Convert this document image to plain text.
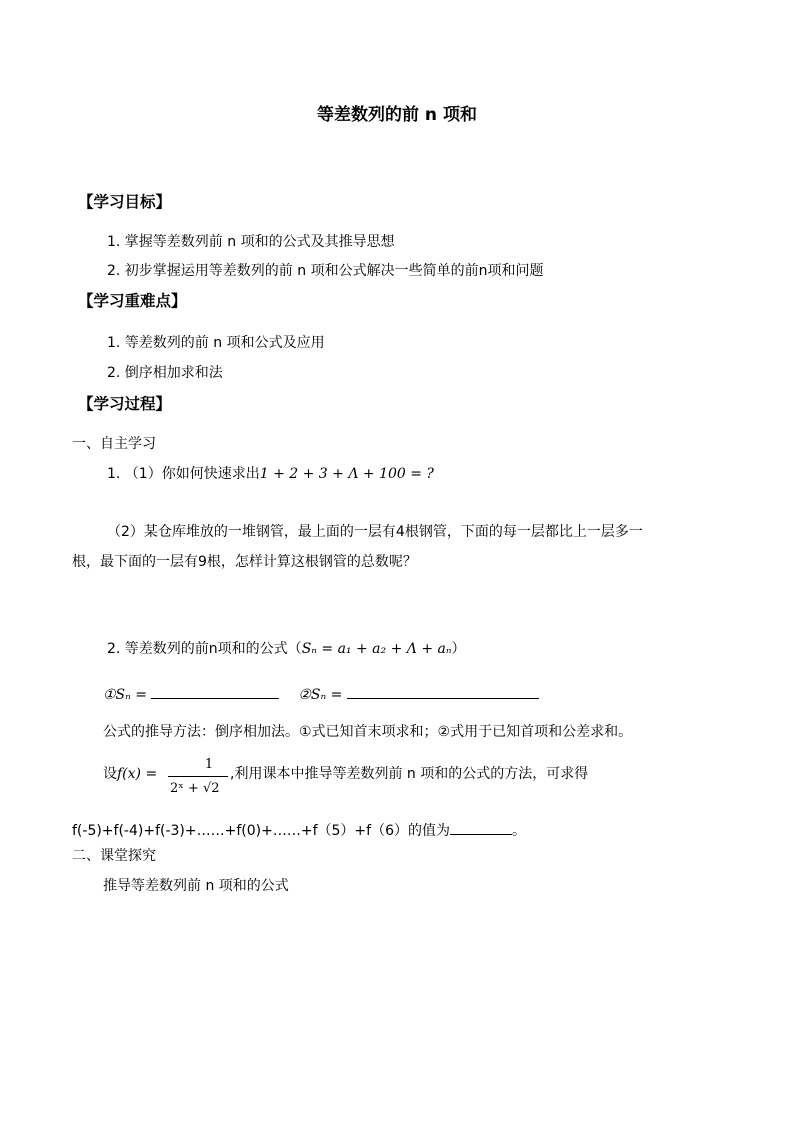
等差数列的前 n 项和
【学习目标】
1. 掌握等差数列前 n 项和的公式及其推导思想
2. 初步掌握运用等差数列的前 n 项和公式解决一些简单的前n项和问题
【学习重难点】
1. 等差数列的前 n 项和公式及应用
2. 倒序相加求和法
【学习过程】
一、自主学习
1. （1）你如何快速求出1 + 2 + 3 + Λ + 100 = ?
（2）某仓库堆放的一堆钢管，最上面的一层有4根钢管，下面的每一层都比上一层多一
根，最下面的一层有9根，怎样计算这根钢管的总数呢？
2. 等差数列的前n项和的公式（Sₙ = a₁ + a₂ + Λ + aₙ）
①Sₙ =	②Sₙ =
公式的推导方法：倒序相加法。①式已知首末项求和；②式用于已知首项和公差求和。
设f(x) =
1
2ˣ + √2
,利用课本中推导等差数列前 n 项和的公式的方法，可求得
f(-5)+f(-4)+f(-3)+……+f(0)+……+f（5）+f（6）的值为	。
二、课堂探究
推导等差数列前 n 项和的公式
